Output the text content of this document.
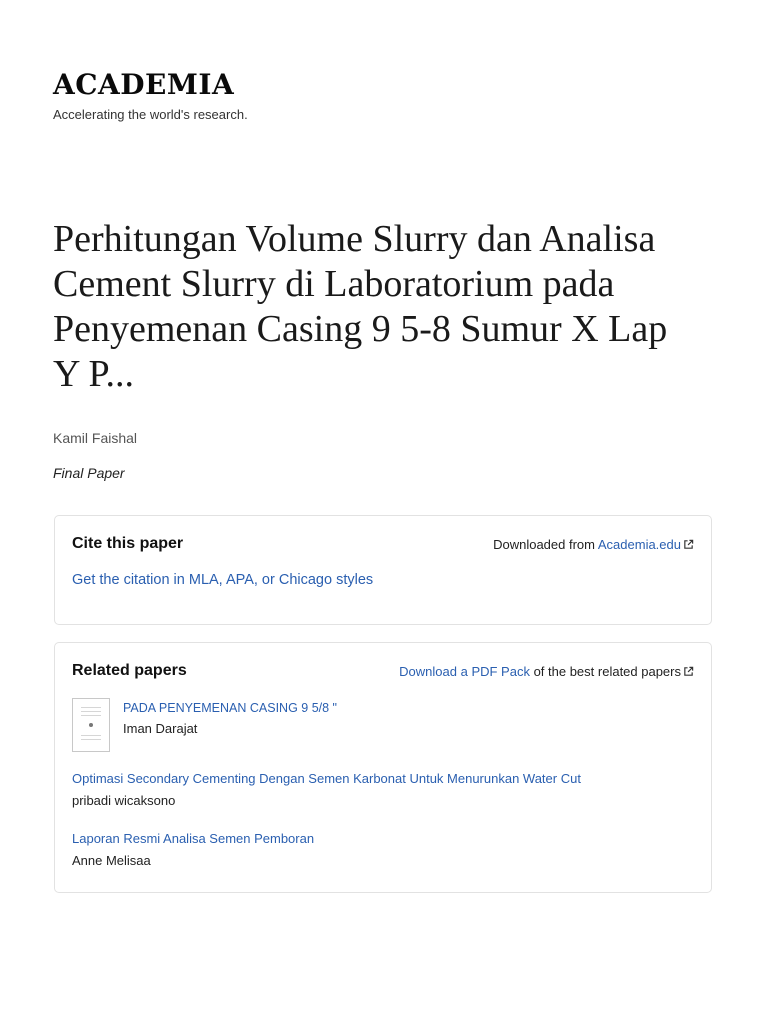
ACADEMIA
Accelerating the world's research.
Perhitungan Volume Slurry dan Analisa Cement Slurry di Laboratorium pada Penyemenan Casing 9 5-8 Sumur X Lap Y P...
Kamil Faishal
Final Paper
Cite this paper	Downloaded from Academia.edu
Get the citation in MLA, APA, or Chicago styles
Related papers	Download a PDF Pack of the best related papers
PADA PENYEMENAN CASING 9 5/8 "
Iman Darajat
Optimasi Secondary Cementing Dengan Semen Karbonat Untuk Menurunkan Water Cut
pribadi wicaksono
Laporan Resmi Analisa Semen Pemboran
Anne Melisaa
